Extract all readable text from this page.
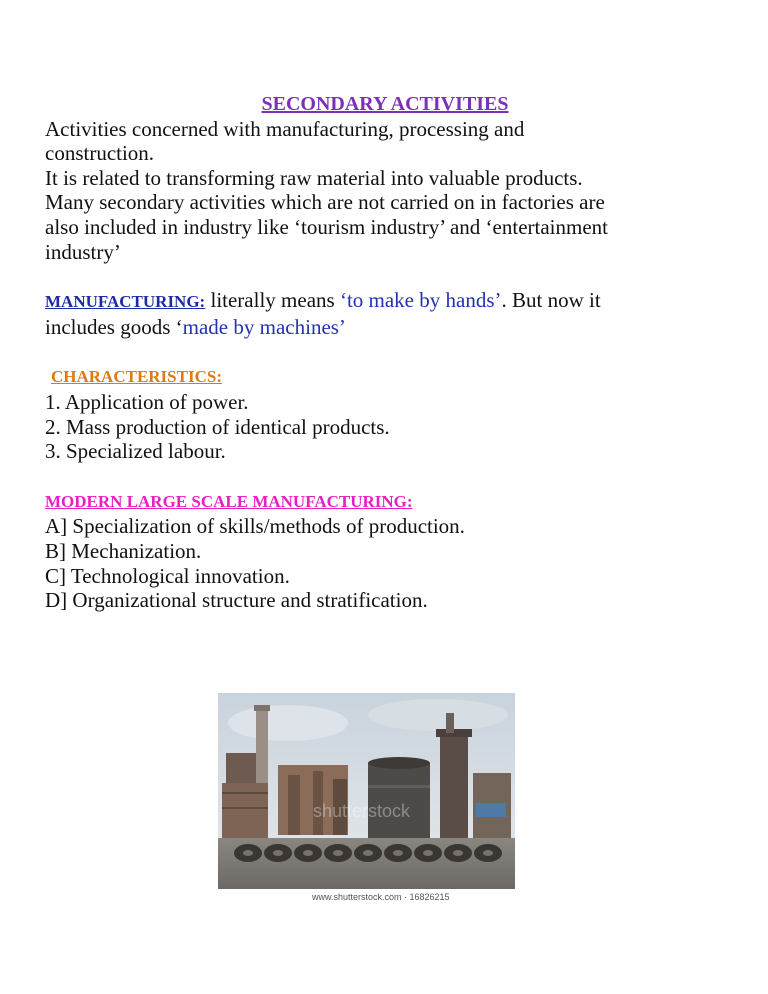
SECONDARY ACTIVITIES

Activities concerned with manufacturing, processing and

construction.

It is related to transforming raw material into valuable products.

Many secondary activities which are not carried on in factories are

also included in industry like ‘tourism industry’ and ‘entertainment

industry’

MANUFACTURING: literally means ‘to make by hands’. But now it

includes goods ‘made by machines’

CHARACTERISTICS:

1. Application of power.

2. Mass production of identical products.

3. Specialized labour.

MODERN LARGE SCALE MANUFACTURING:

A] Specialization of skills/methods of production.

B] Mechanization.

C] Technological innovation.

D] Organizational structure and stratification.

shutterstock
www.shutterstock.com · 16826215
